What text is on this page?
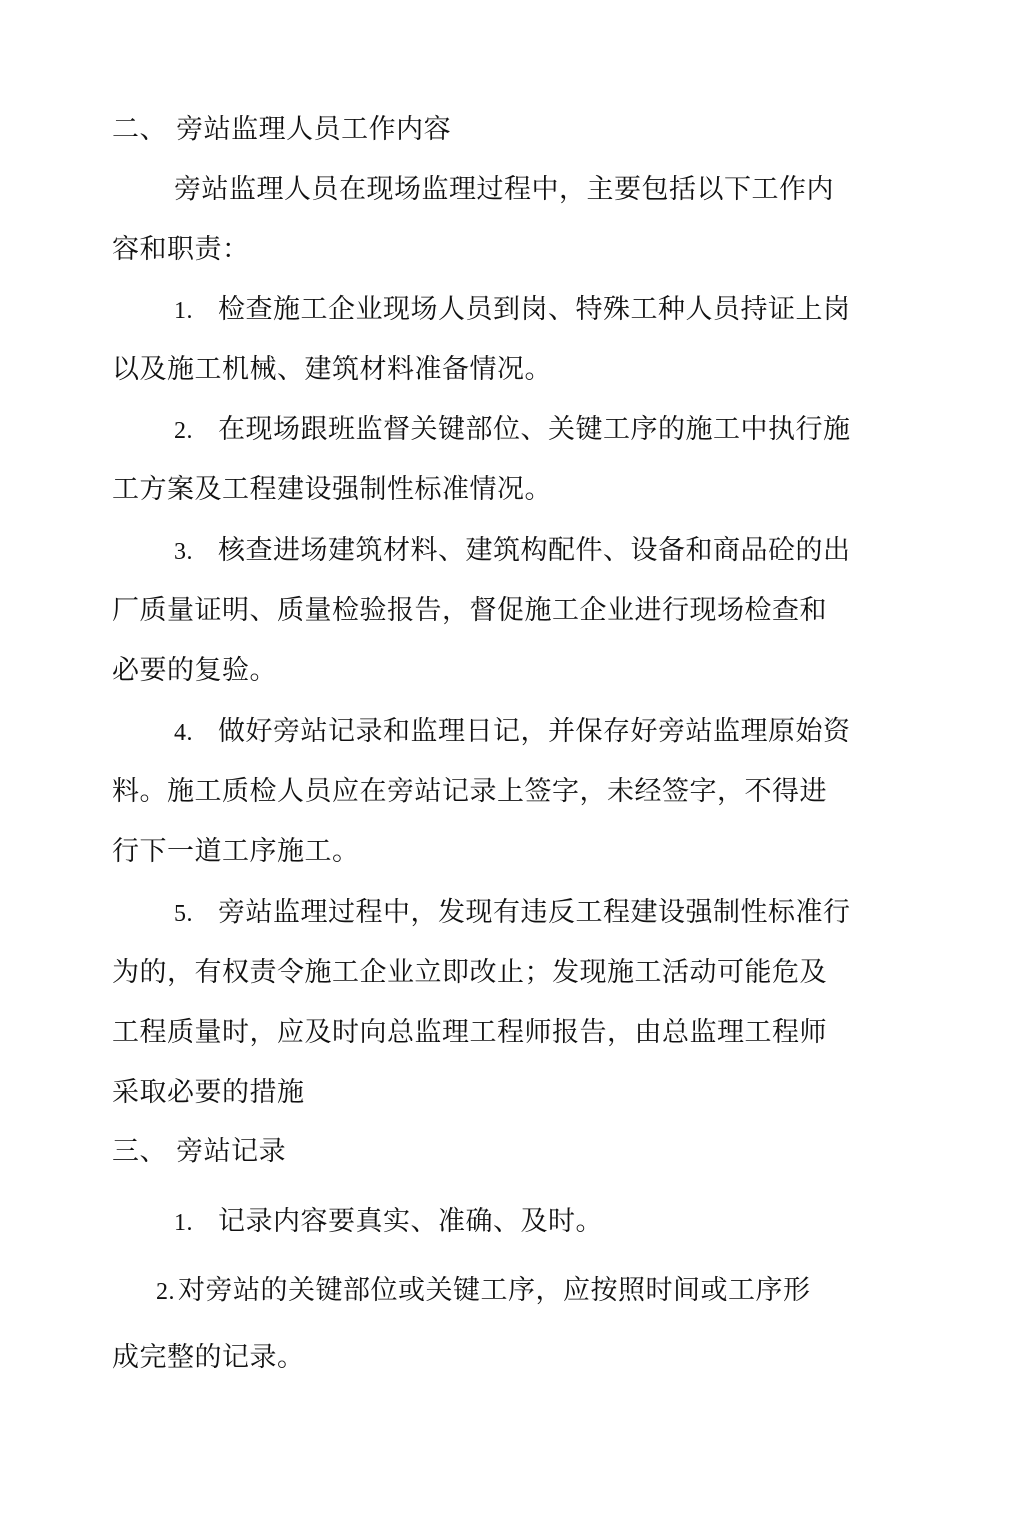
二、 旁站监理人员工作内容
旁站监理人员在现场监理过程中，主要包括以下工作内
容和职责：
1. 检查施工企业现场人员到岗、特殊工种人员持证上岗
以及施工机械、建筑材料准备情况。
2. 在现场跟班监督关键部位、关键工序的施工中执行施
工方案及工程建设强制性标准情况。
3. 核查进场建筑材料、建筑构配件、设备和商品砼的出
厂质量证明、质量检验报告，督促施工企业进行现场检查和
必要的复验。
4. 做好旁站记录和监理日记，并保存好旁站监理原始资
料。施工质检人员应在旁站记录上签字，未经签字，不得进
行下一道工序施工。
5. 旁站监理过程中，发现有违反工程建设强制性标准行
为的，有权责令施工企业立即改止；发现施工活动可能危及
工程质量时，应及时向总监理工程师报告，由总监理工程师
采取必要的措施
三、 旁站记录
1. 记录内容要真实、准确、及时。
2. 对旁站的关键部位或关键工序，应按照时间或工序形
成完整的记录。
